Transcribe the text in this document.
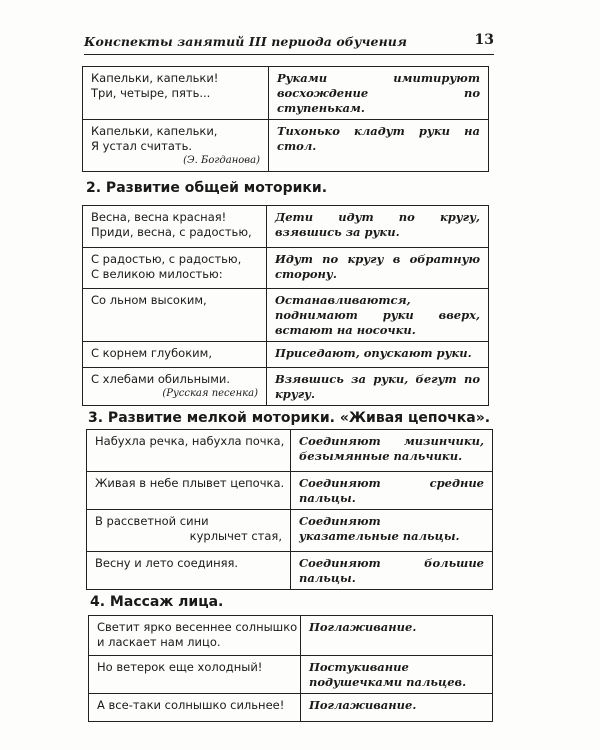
Конспекты занятий III периода обучения	13
Капельки, капельки!
Три, четыре, пять...	Руками имитируют восхождение по ступенькам.

Капельки, капельки,
Я устал считать.
(Э. Богданова)	Тихонько кладут руки на стол.
2. Развитие общей моторики.
Весна, весна красная!
Приди, весна, с радостью,	Дети идут по кругу, взявшись за руки.

С радостью, с радостью,
С великою милостью:	Идут по кругу в обратную сторону.

Со льном высоким,	Останавливаются, поднимают руки вверх, встают на носочки.

С корнем глубоким,	Приседают, опускают руки.

С хлебами обильными.
(Русская песенка)	Взявшись за руки, бегут по кругу.
3. Развитие мелкой моторики. «Живая цепочка».
Набухла речка, набухла почка,	Соединяют мизинчики, безымянные пальчики.

Живая в небе плывет цепочка.	Соединяют средние пальцы.

В рассветной сини
курлычет стая,	Соединяют указательные пальцы.

Весну и лето соединяя.	Соединяют большие пальцы.
4. Массаж лица.
Светит ярко весеннее солнышко
и ласкает нам лицо.	Поглаживание.

Но ветерок еще холодный!	Постукивание подушечками пальцев.

А все-таки солнышко сильнее!	Поглаживание.
